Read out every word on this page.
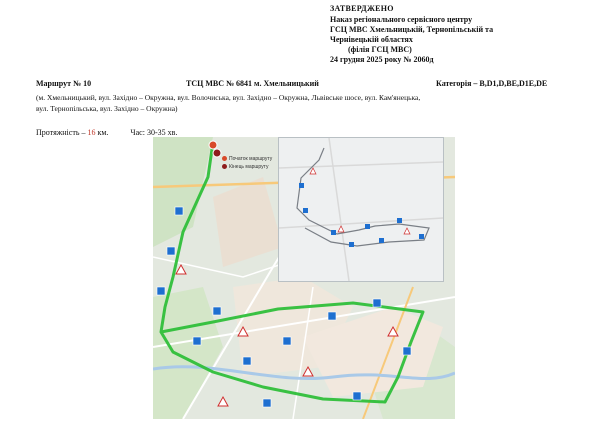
ЗАТВЕРДЖЕНО
Наказ регіонального сервісного центру
ГСЦ МВС Хмельницькій, Тернопільській та
Чернівецькій областях
(філія ГСЦ МВС)
24 грудня 2025 року № 2060д
Маршрут № 10	ТСЦ МВС № 6841 м. Хмельницький	Категорія – B,D1,D,BE,D1E,DE
(м. Хмельницький, вул. Західно – Окружна, вул. Волочиська, вул. Західно – Окружна, Львівське шосе, вул. Кам'янецька,
вул. Тернопільська, вул. Західно – Окружна)
Протяжність – 16 км.	Час: 30-35 хв.
Початок маршруту
Кінець маршруту
